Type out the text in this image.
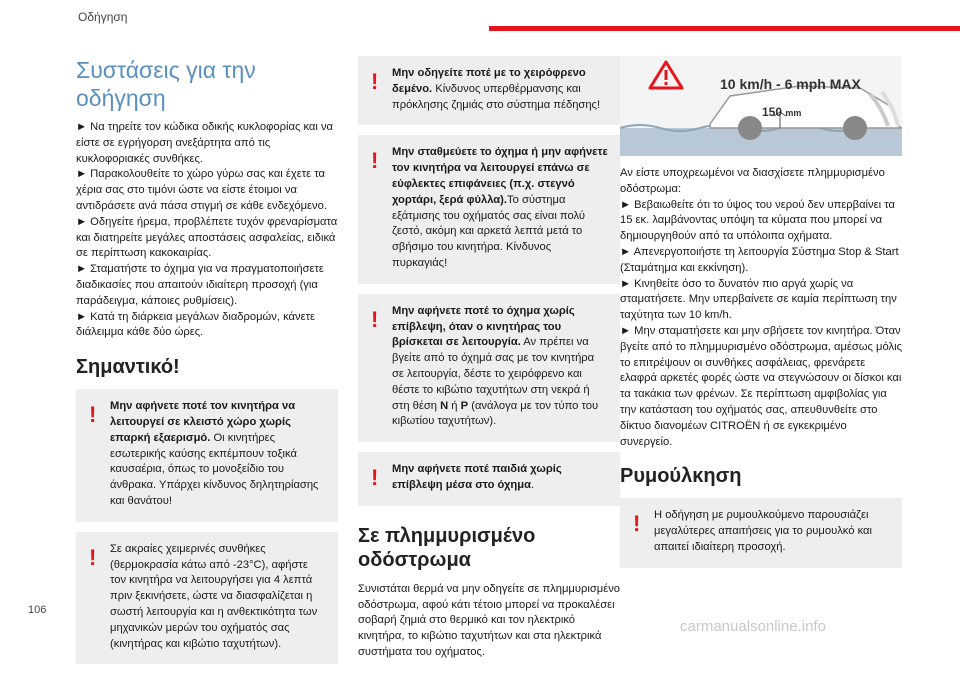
Οδήγηση
Συστάσεις για την οδήγηση

► Να τηρείτε τον κώδικα οδικής κυκλοφορίας και να είστε σε εγρήγορση ανεξάρτητα από τις κυκλοφοριακές συνθήκες.

► Παρακολουθείτε το χώρο γύρω σας και έχετε τα χέρια σας στο τιμόνι ώστε να είστε έτοιμοι να αντιδράσετε ανά πάσα στιγμή σε κάθε ενδεχόμενο.

► Οδηγείτε ήρεμα, προβλέπετε τυχόν φρεναρίσματα και διατηρείτε μεγάλες αποστάσεις ασφαλείας, ειδικά σε περίπτωση κακοκαιρίας.

► Σταματήστε το όχημα για να πραγματοποιήσετε διαδικασίες που απαιτούν ιδιαίτερη προσοχή (για παράδειγμα, κάποιες ρυθμίσεις).

► Κατά τη διάρκεια μεγάλων διαδρομών, κάνετε διάλειμμα κάθε δύο ώρες.

Σημαντικό!
!	Μην αφήνετε ποτέ τον κινητήρα να λειτουργεί σε κλειστό χώρο χωρίς επαρκή εξαερισμό. Οι κινητήρες εσωτερικής καύσης εκπέμπουν τοξικά καυσαέρια, όπως το μονοξείδιο του άνθρακα. Υπάρχει κίνδυνος δηλητηρίασης και θανάτου!

!	Σε ακραίες χειμερινές συνθήκες (θερμοκρασία κάτω από -23°C), αφήστε τον κινητήρα να λειτουργήσει για 4 λεπτά πριν ξεκινήσετε, ώστε να διασφαλίζεται η σωστή λειτουργία και η ανθεκτικότητα των μηχανικών μερών του οχήματός σας (κινητήρας και κιβώτιο ταχυτήτων).

!	Μην οδηγείτε ποτέ με το χειρόφρενο δεμένο. Κίνδυνος υπερθέρμανσης και πρόκλησης ζημιάς στο σύστημα πέδησης!

!	Μην σταθμεύετε το όχημα ή μην αφήνετε τον κινητήρα να λειτουργεί επάνω σε εύφλεκτες επιφάνειες (π.χ. στεγνό χορτάρι, ξερά φύλλα).Το σύστημα εξάτμισης του οχήματός σας είναι πολύ ζεστό, ακόμη και αρκετά λεπτά μετά το σβήσιμο του κινητήρα. Κίνδυνος πυρκαγιάς!

!	Μην αφήνετε ποτέ το όχημα χωρίς επίβλεψη, όταν ο κινητήρας του βρίσκεται σε λειτουργία. Αν πρέπει να βγείτε από το όχημά σας με τον κινητήρα σε λειτουργία, δέστε το χειρόφρενο και θέστε το κιβώτιο ταχυτήτων στη νεκρά ή στη θέση N ή P (ανάλογα με τον τύπο του κιβωτίου ταχυτήτων).

!	Μην αφήνετε ποτέ παιδιά χωρίς επίβλεψη μέσα στο όχημα.

Σε πλημμυρισμένο οδόστρωμα

Συνιστάται θερμά να μην οδηγείτε σε πλημμυρισμένο οδόστρωμα, αφού κάτι τέτοιο μπορεί να προκαλέσει σοβαρή ζημιά στο θερμικό και τον ηλεκτρικό κινητήρα, το κιβώτιο ταχυτήτων και στα ηλεκτρικά συστήματα του οχήματος.

10 km/h - 6 mph MAX
150 mm

Αν είστε υποχρεωμένοι να διασχίσετε πλημμυρισμένο οδόστρωμα:

► Βεβαιωθείτε ότι το ύψος του νερού δεν υπερβαίνει τα 15 εκ. λαμβάνοντας υπόψη τα κύματα που μπορεί να δημιουργηθούν από τα υπόλοιπα οχήματα.

► Απενεργοποιήστε τη λειτουργία Σύστημα Stop & Start (Σταμάτημα και εκκίνηση).

► Κινηθείτε όσο το δυνατόν πιο αργά χωρίς να σταματήσετε. Μην υπερβαίνετε σε καμία περίπτωση την ταχύτητα των 10 km/h.

► Μην σταματήσετε και μην σβήσετε τον κινητήρα. Όταν βγείτε από το πλημμυρισμένο οδόστρωμα, αμέσως μόλις το επιτρέψουν οι συνθήκες ασφάλειας, φρενάρετε ελαφρά αρκετές φορές ώστε να στεγνώσουν οι δίσκοι και τα τακάκια των φρένων. Σε περίπτωση αμφιβολίας για την κατάσταση του οχήματός σας, απευθυνθείτε στο δίκτυο διανομέων CITROËN ή σε εγκεκριμένο συνεργείο.

Ρυμούλκηση
!	Η οδήγηση με ρυμουλκούμενο παρουσιάζει μεγαλύτερες απαιτήσεις για το ρυμουλκό και απαιτεί ιδιαίτερη προσοχή.

106
carmanualsonline.info
